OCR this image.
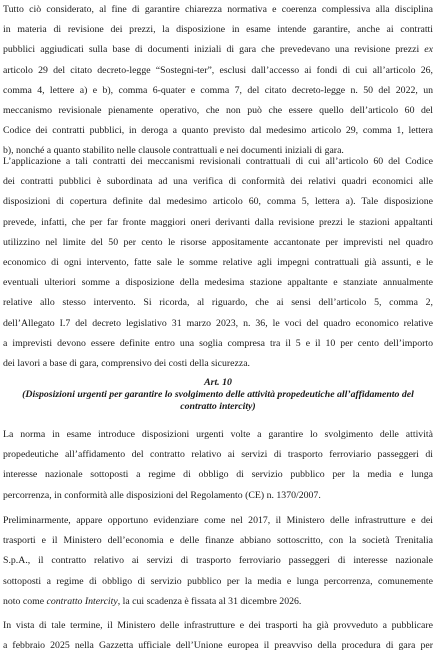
Tutto ciò considerato, al fine di garantire chiarezza normativa e coerenza complessiva alla disciplina
in materia di revisione dei prezzi, la disposizione in esame intende garantire, anche ai contratti
pubblici aggiudicati sulla base di documenti iniziali di gara che prevedevano una revisione prezzi ex
articolo 29 del citato decreto-legge “Sostegni-ter”, esclusi dall’accesso ai fondi di cui all’articolo 26,
comma 4, lettere a) e b), comma 6-quater e comma 7, del citato decreto-legge n. 50 del 2022, un
meccanismo revisionale pienamente operativo, che non può che essere quello dell’articolo 60 del
Codice dei contratti pubblici, in deroga a quanto previsto dal medesimo articolo 29, comma 1, lettera
b), nonché a quanto stabilito nelle clausole contrattuali e nei documenti iniziali di gara.

L’applicazione a tali contratti dei meccanismi revisionali contrattuali di cui all’articolo 60 del Codice
dei contratti pubblici è subordinata ad una verifica di conformità dei relativi quadri economici alle
disposizioni di copertura definite dal medesimo articolo 60, comma 5, lettera a). Tale disposizione
prevede, infatti, che per far fronte maggiori oneri derivanti dalla revisione prezzi le stazioni appaltanti
utilizzino nel limite del 50 per cento le risorse appositamente accantonate per imprevisti nel quadro
economico di ogni intervento, fatte sale le somme relative agli impegni contrattuali già assunti, e le
eventuali ulteriori somme a disposizione della medesima stazione appaltante e stanziate annualmente
relative allo stesso intervento. Si ricorda, al riguardo, che ai sensi dell’articolo 5, comma 2,
dell’Allegato I.7 del decreto legislativo 31 marzo 2023, n. 36, le voci del quadro economico relative
a imprevisti devono essere definite entro una soglia compresa tra il 5 e il 10 per cento dell’importo
dei lavori a base di gara, comprensivo dei costi della sicurezza.

Art. 10
(Disposizioni urgenti per garantire lo svolgimento delle attività propedeutiche all’affidamento del
contratto intercity)

La norma in esame introduce disposizioni urgenti volte a garantire lo svolgimento delle attività
propedeutiche all’affidamento del contratto relativo ai servizi di trasporto ferroviario passeggeri di
interesse nazionale sottoposti a regime di obbligo di servizio pubblico per la media e lunga
percorrenza, in conformità alle disposizioni del Regolamento (CE) n. 1370/2007.

Preliminarmente, appare opportuno evidenziare come nel 2017, il Ministero delle infrastrutture e dei
trasporti e il Ministero dell’economia e delle finanze abbiano sottoscritto, con la società Trenitalia
S.p.A., il contratto relativo ai servizi di trasporto ferroviario passeggeri di interesse nazionale
sottoposti a regime di obbligo di servizio pubblico per la media e lunga percorrenza, comunemente
noto come contratto Intercity, la cui scadenza è fissata al 31 dicembre 2026.

In vista di tale termine, il Ministero delle infrastrutture e dei trasporti ha già provveduto a pubblicare
a febbraio 2025 nella Gazzetta ufficiale dell’Unione europea il preavviso della procedura di gara per
